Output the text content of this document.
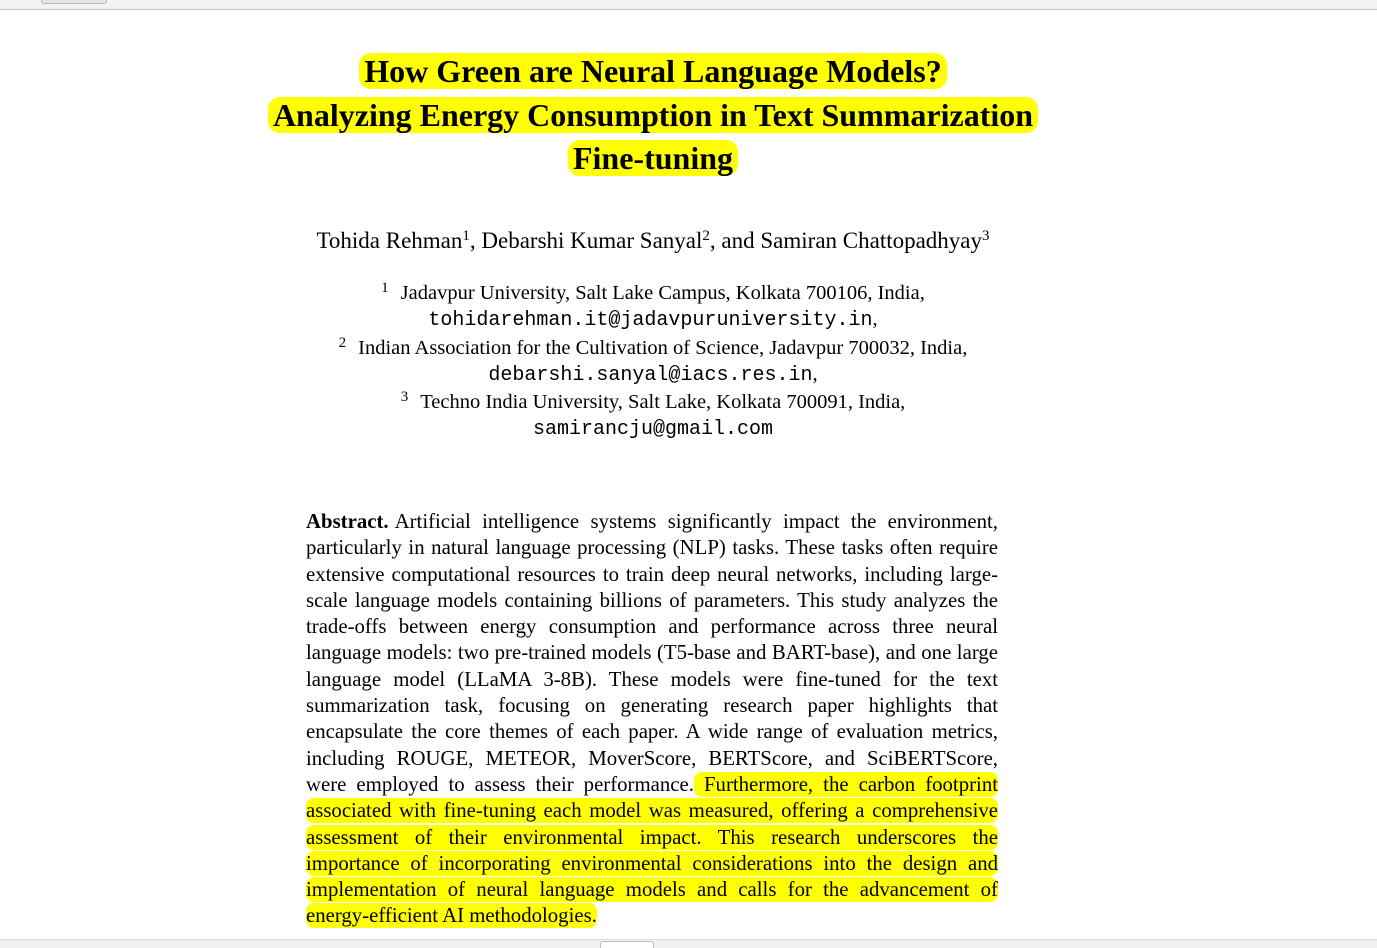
How Green are Neural Language Models?
Analyzing Energy Consumption in Text Summarization
Fine-tuning
Tohida Rehman$^1$, Debarshi Kumar Sanyal$^2$, and Samiran Chattopadhyay$^3$
$^1$ Jadavpur University, Salt Lake Campus, Kolkata 700106, India,
tohidarehman.it@jadavpuruniversity.in,
$^2$ Indian Association for the Cultivation of Science, Jadavpur 700032, India,
debarshi.sanyal@iacs.res.in,
$^3$ Techno India University, Salt Lake, Kolkata 700091, India,
samirancju@gmail.com
Abstract. Artificial intelligence systems significantly impact the environment, particularly in natural language processing (NLP) tasks. These tasks often require extensive computational resources to train deep neural networks, including large-scale language models containing billions of parameters. This study analyzes the trade-offs between energy consumption and performance across three neural language models: two pre-trained models (T5-base and BART-base), and one large language model (LLaMA 3-8B). These models were fine-tuned for the text summarization task, focusing on generating research paper highlights that encapsulate the core themes of each paper. A wide range of evaluation metrics, including ROUGE, METEOR, MoverScore, BERTScore, and SciBERTScore, were employed to assess their performance. Furthermore, the carbon footprint associated with fine-tuning each model was measured, offering a comprehensive assessment of their environmental impact. This research underscores the importance of incorporating environmental considerations into the design and implementation of neural language models and calls for the advancement of energy-efficient AI methodologies.
